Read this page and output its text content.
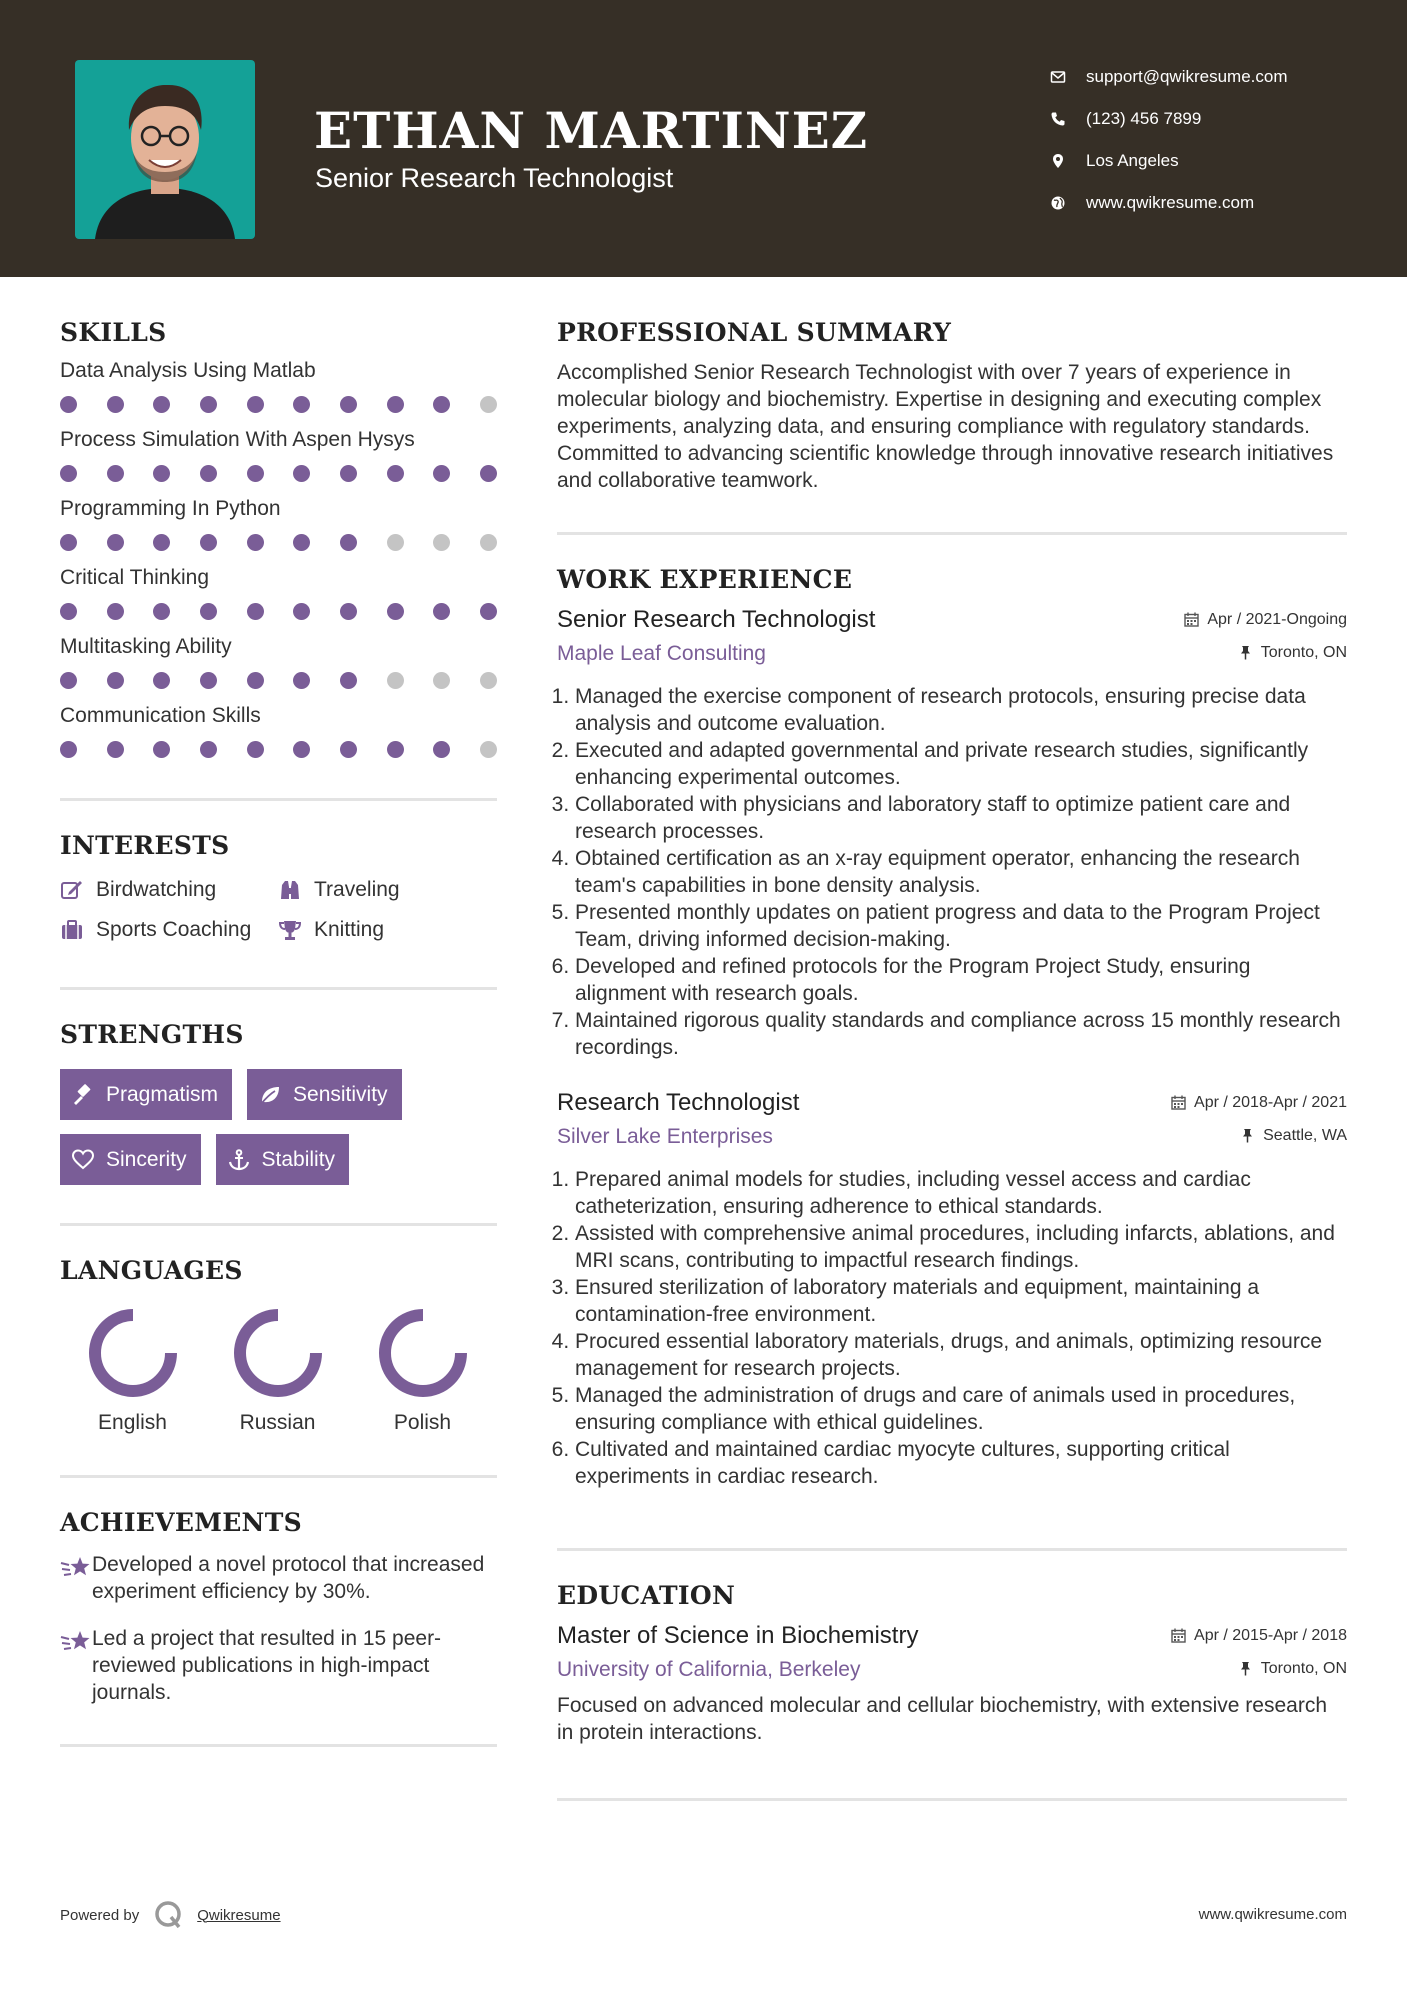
ETHAN MARTINEZ
Senior Research Technologist
support@qwikresume.com
(123) 456 7899
Los Angeles
www.qwikresume.com
SKILLS
Data Analysis Using Matlab
Process Simulation With Aspen Hysys
Programming In Python
Critical Thinking
Multitasking Ability
Communication Skills
INTERESTS
Birdwatching	Traveling
Sports Coaching	Knitting
STRENGTHS
Pragmatism	Sensitivity
Sincerity	Stability
LANGUAGES
English	Russian	Polish
ACHIEVEMENTS
Developed a novel protocol that increased experiment efficiency by 30%.
Led a project that resulted in 15 peer-reviewed publications in high-impact journals.
PROFESSIONAL SUMMARY
Accomplished Senior Research Technologist with over 7 years of experience in molecular biology and biochemistry. Expertise in designing and executing complex experiments, analyzing data, and ensuring compliance with regulatory standards. Committed to advancing scientific knowledge through innovative research initiatives and collaborative teamwork.
WORK EXPERIENCE
Senior Research Technologist	Apr / 2021-Ongoing
Maple Leaf Consulting	Toronto, ON
1. Managed the exercise component of research protocols, ensuring precise data analysis and outcome evaluation.
2. Executed and adapted governmental and private research studies, significantly enhancing experimental outcomes.
3. Collaborated with physicians and laboratory staff to optimize patient care and research processes.
4. Obtained certification as an x-ray equipment operator, enhancing the research team's capabilities in bone density analysis.
5. Presented monthly updates on patient progress and data to the Program Project Team, driving informed decision-making.
6. Developed and refined protocols for the Program Project Study, ensuring alignment with research goals.
7. Maintained rigorous quality standards and compliance across 15 monthly research recordings.
Research Technologist	Apr / 2018-Apr / 2021
Silver Lake Enterprises	Seattle, WA
1. Prepared animal models for studies, including vessel access and cardiac catheterization, ensuring adherence to ethical standards.
2. Assisted with comprehensive animal procedures, including infarcts, ablations, and MRI scans, contributing to impactful research findings.
3. Ensured sterilization of laboratory materials and equipment, maintaining a contamination-free environment.
4. Procured essential laboratory materials, drugs, and animals, optimizing resource management for research projects.
5. Managed the administration of drugs and care of animals used in procedures, ensuring compliance with ethical guidelines.
6. Cultivated and maintained cardiac myocyte cultures, supporting critical experiments in cardiac research.
EDUCATION
Master of Science in Biochemistry	Apr / 2015-Apr / 2018
University of California, Berkeley	Toronto, ON
Focused on advanced molecular and cellular biochemistry, with extensive research in protein interactions.
Powered by	Qwikresume	www.qwikresume.com
